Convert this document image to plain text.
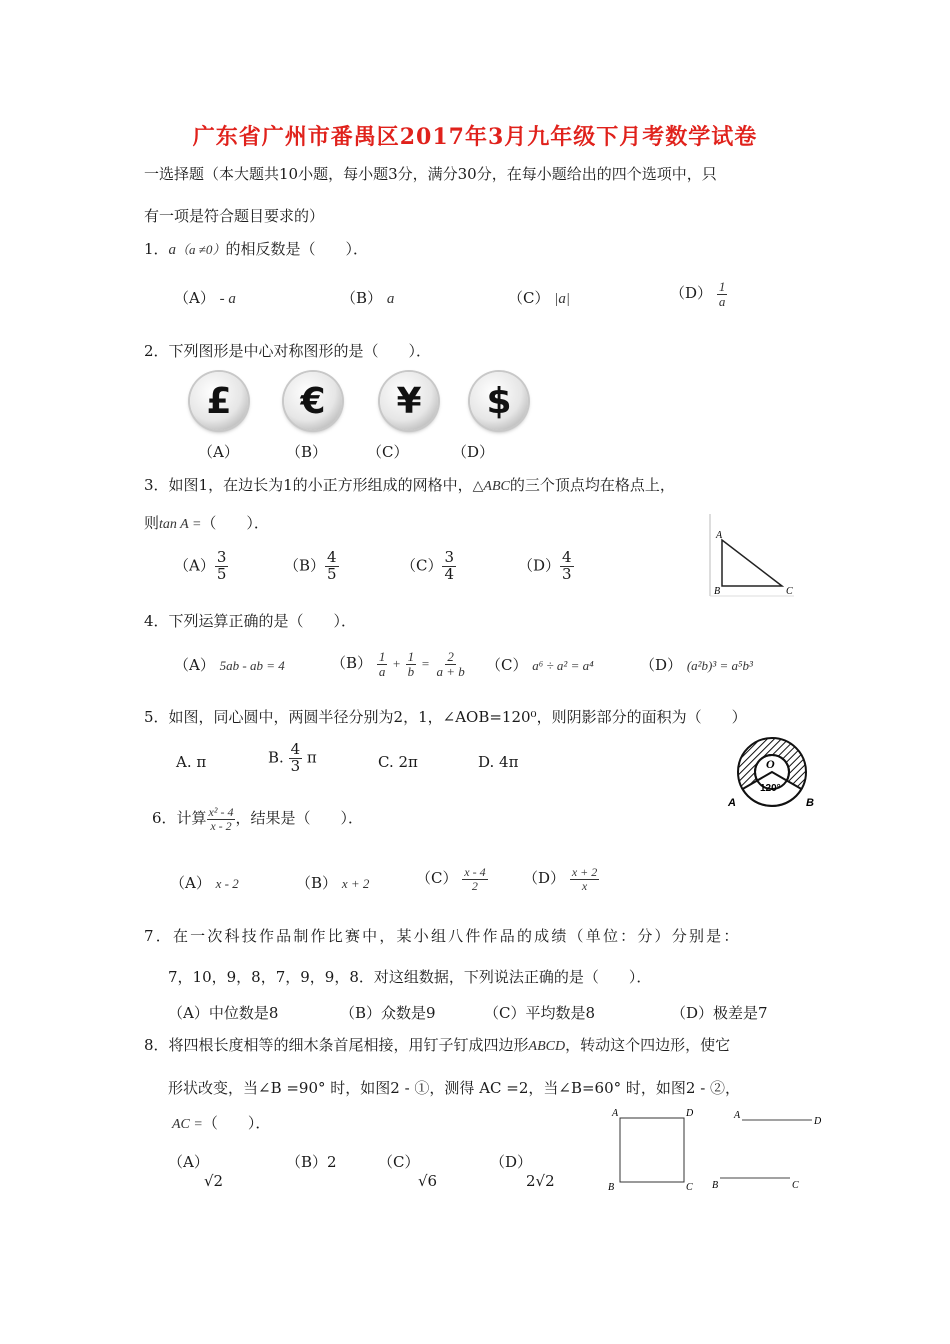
广东省广州市番禺区2017年3月九年级下月考数学试卷
一选择题（本大题共10小题，每小题3分，满分30分，在每小题给出的四个选项中，只
有一项是符合题目要求的）
1．a（a ≠0）的相反数是（　　）．
（A） - a	（B） a	（C） |a|	$(D) \frac{1}{a}$
2．下列图形是中心对称图形的是（　　）．
£	€	¥	$
（A）	（B）	（C）	（D）
3．如图1，在边长为1的小正方形组成的网格中，△ABC的三个顶点均在格点上，
则tan A =（　　）．
$(A) \frac{3}{5}$	$(B) \frac{4}{5}$	$(C) \frac{3}{4}$	$(D) \frac{4}{3}$
A
B	C
4．下列运算正确的是（　　）．
（A） 5ab - ab = 4	$(B) \frac{1}{a} + \frac{1}{b} = \frac{2}{a + b} (C) a^6 \div a^2 = a^4$	（D） (a²b)³ = a⁵b³
5．如图，同心圆中，两圆半径分别为2，1，∠AOB=120⁰，则阴影部分的面积为（　　）
A. π	B. $\frac{4}{3}$ π	C. 2π	D. 4π	O
120°
A	B
6．计算 $\frac{\text{x² - 4}}{x - 2}$ ，结果是（　　）．
（A） x - 2	（B） x + 2	$(C) \frac{x - 4}{2} (D) \frac{x + 2}{x}$
7．在一次科技作品制作比赛中，某小组八件作品的成绩（单位：分）分别是：
7，10，9，8，7，9，9，8．对这组数据，下列说法正确的是（　　）．
（A）中位数是8	（B）众数是9	（C）平均数是8	（D）极差是7
8．将四根长度相等的细木条首尾相接，用钉子钉成四边形ABCD，转动这个四边形，使它
形状改变，当∠B =90° 时，如图2 - ①，测得 AC =2，当∠B=60° 时，如图2 - ②，
AC =（　　）．
（A）
√2
（B）2	（C）
√6
（D）
2√2
A	D
B	C
A
D
B	C
